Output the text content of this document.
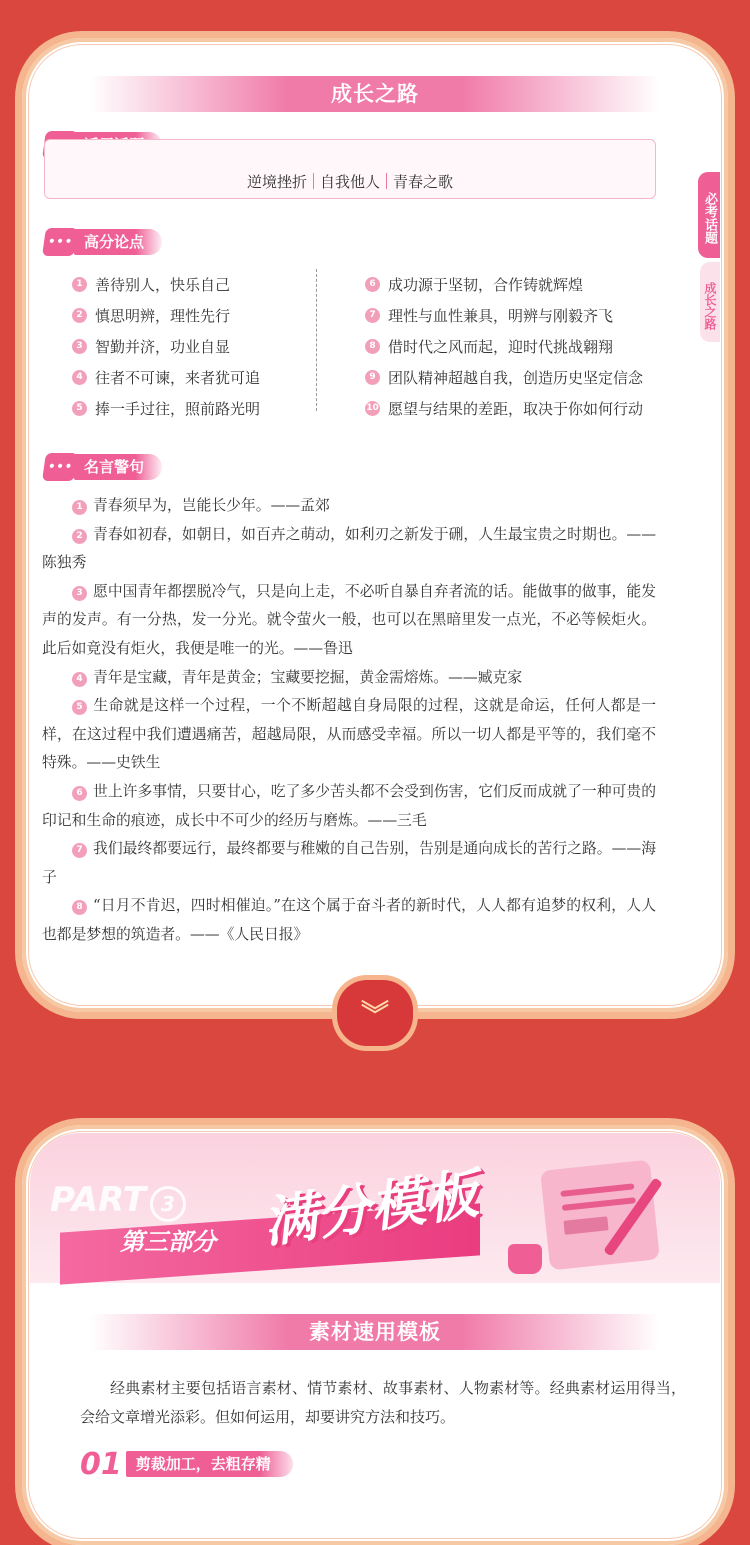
成长之路
逆境挫折 自我他人 青春之歌
••• 高分论点
1 善待别人，快乐自己
2 慎思明辨，理性先行
3 智勤并济，功业自显
4 往者不可谏，来者犹可追
5 捧一手过往，照前路光明
6 成功源于坚韧，合作铸就辉煌
7 理性与血性兼具，明辨与刚毅齐飞
8 借时代之风而起，迎时代挑战翱翔
9 团队精神超越自我，创造历史坚定信念
10 愿望与结果的差距，取决于你如何行动
••• 名言警句

1 青春须早为，岂能长少年。——孟郊

2 青春如初春，如朝日，如百卉之萌动，如利刃之新发于硎，人生最宝贵之时期也。——陈独秀

3 愿中国青年都摆脱冷气，只是向上走，不必听自暴自弃者流的话。能做事的做事，能发声的发声。有一分热，发一分光。就令萤火一般，也可以在黑暗里发一点光，不必等候炬火。此后如竟没有炬火，我便是唯一的光。——鲁迅

4 青年是宝藏，青年是黄金；宝藏要挖掘，黄金需熔炼。——臧克家

5 生命就是这样一个过程，一个不断超越自身局限的过程，这就是命运，任何人都是一样，在这过程中我们遭遇痛苦，超越局限，从而感受幸福。所以一切人都是平等的，我们毫不特殊。——史铁生

6 世上许多事情，只要甘心，吃了多少苦头都不会受到伤害，它们反而成就了一种可贵的印记和生命的痕迹，成长中不可少的经历与磨炼。——三毛

7 我们最终都要远行，最终都要与稚嫩的自己告别，告别是通向成长的苦行之路。——海子

8 “日月不肯迟，四时相催迫。”在这个属于奋斗者的新时代，人人都有追梦的权利，人人也都是梦想的筑造者。——《人民日报》

必考话题
成长之路
︾
PART 3
第三部分 满分模板
素材速用模板
经典素材主要包括语言素材、情节素材、故事素材、人物素材等。经典素材运用得当，会给文章增光添彩。但如何运用，却要讲究方法和技巧。
01 剪裁加工，去粗存精
